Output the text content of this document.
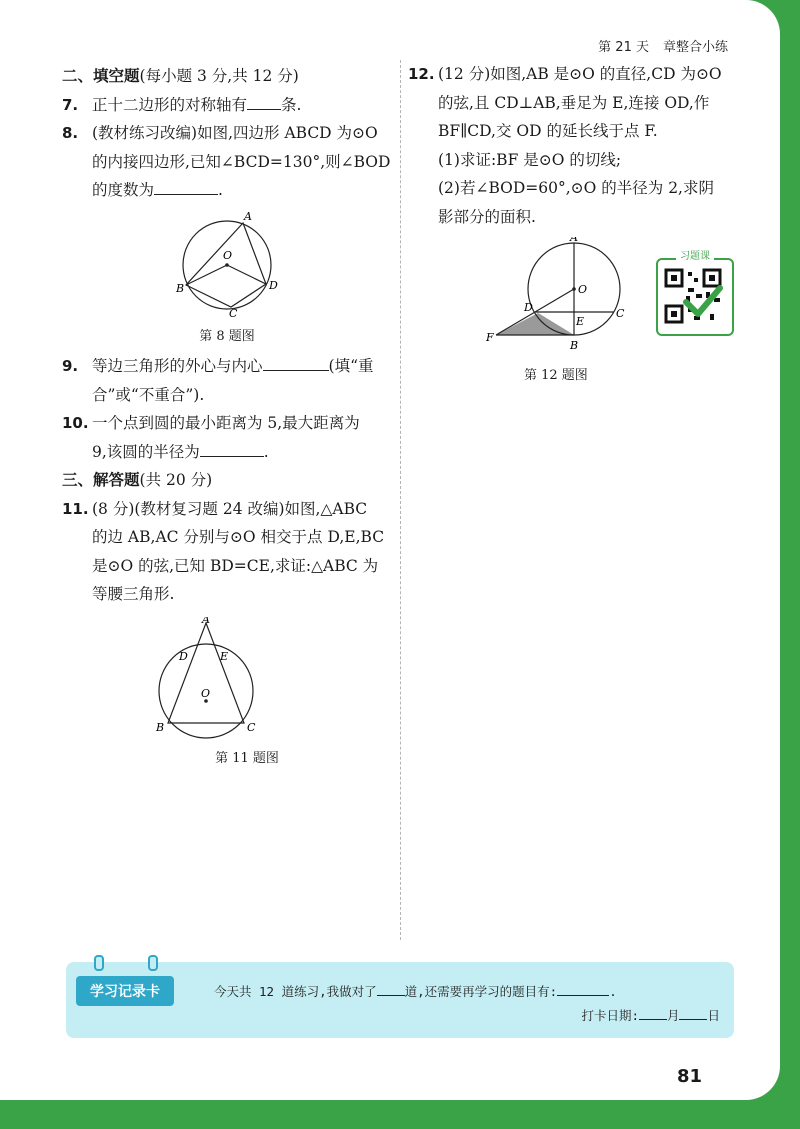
第 21 天 章整合小练
二、填空题(每小题 3 分,共 12 分)
7. 正十二边形的对称轴有 条.
8. (教材练习改编)如图,四边形 ABCD 为⊙O
的内接四边形,已知∠BCD=130°,则∠BOD
的度数为	.
A
B
C
D
O
第 8 题图
9. 等边三角形的外心与内心	(填“重
合”或“不重合”).
10. 一个点到圆的最小距离为 5,最大距离为
9,该圆的半径为	.
三、解答题(共 20 分)
11. (8 分)(教材复习题 24 改编)如图,△ABC
的边 AB,AC 分别与⊙O 相交于点 D,E,BC
是⊙O 的弦,已知 BD=CE,求证:△ABC 为
等腰三角形.
A
B	C
D	E
O
第 11 题图
12. (12 分)如图,AB 是⊙O 的直径,CD 为⊙O
的弦,且 CD⊥AB,垂足为 E,连接 OD,作
BF∥CD,交 OD 的延长线于点 F.
(1)求证:BF 是⊙O 的切线;
(2)若∠BOD=60°,⊙O 的半径为 2,求阴
影部分的面积.
A
B
C
D
E
F
O
第 12 题图
习题课
学习记录卡	今天共 12 道练习,我做对了 道,还需要再学习的题目有:	.
打卡日期: 月 日
81
